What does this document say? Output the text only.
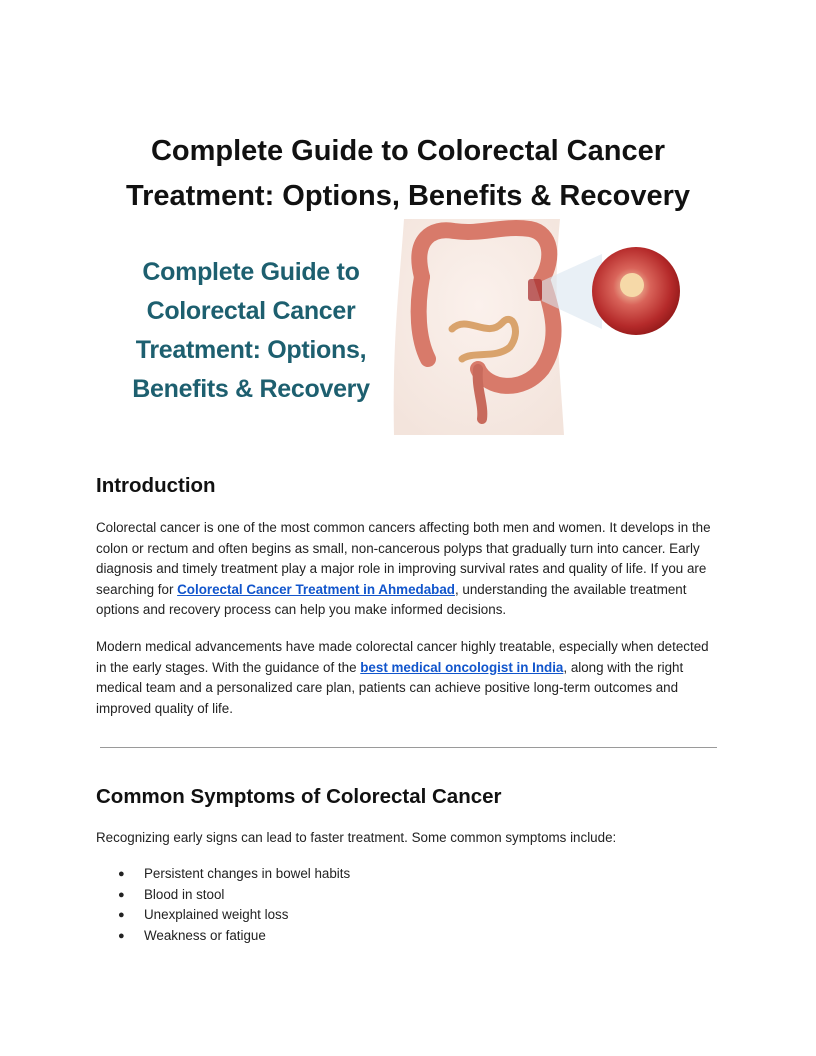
Complete Guide to Colorectal Cancer
Treatment: Options, Benefits & Recovery
Complete Guide to
Colorectal Cancer
Treatment: Options,
Benefits & Recovery
Introduction

Colorectal cancer is one of the most common cancers affecting both men and women. It develops in the colon or rectum and often begins as small, non-cancerous polyps that gradually turn into cancer. Early diagnosis and timely treatment play a major role in improving survival rates and quality of life. If you are searching for Colorectal Cancer Treatment in Ahmedabad, understanding the available treatment options and recovery process can help you make informed decisions.

Modern medical advancements have made colorectal cancer highly treatable, especially when detected in the early stages. With the guidance of the best medical oncologist in India, along with the right medical team and a personalized care plan, patients can achieve positive long-term outcomes and improved quality of life.

Common Symptoms of Colorectal Cancer

Recognizing early signs can lead to faster treatment. Some common symptoms include:

● Persistent changes in bowel habits
● Blood in stool
● Unexplained weight loss
● Weakness or fatigue
